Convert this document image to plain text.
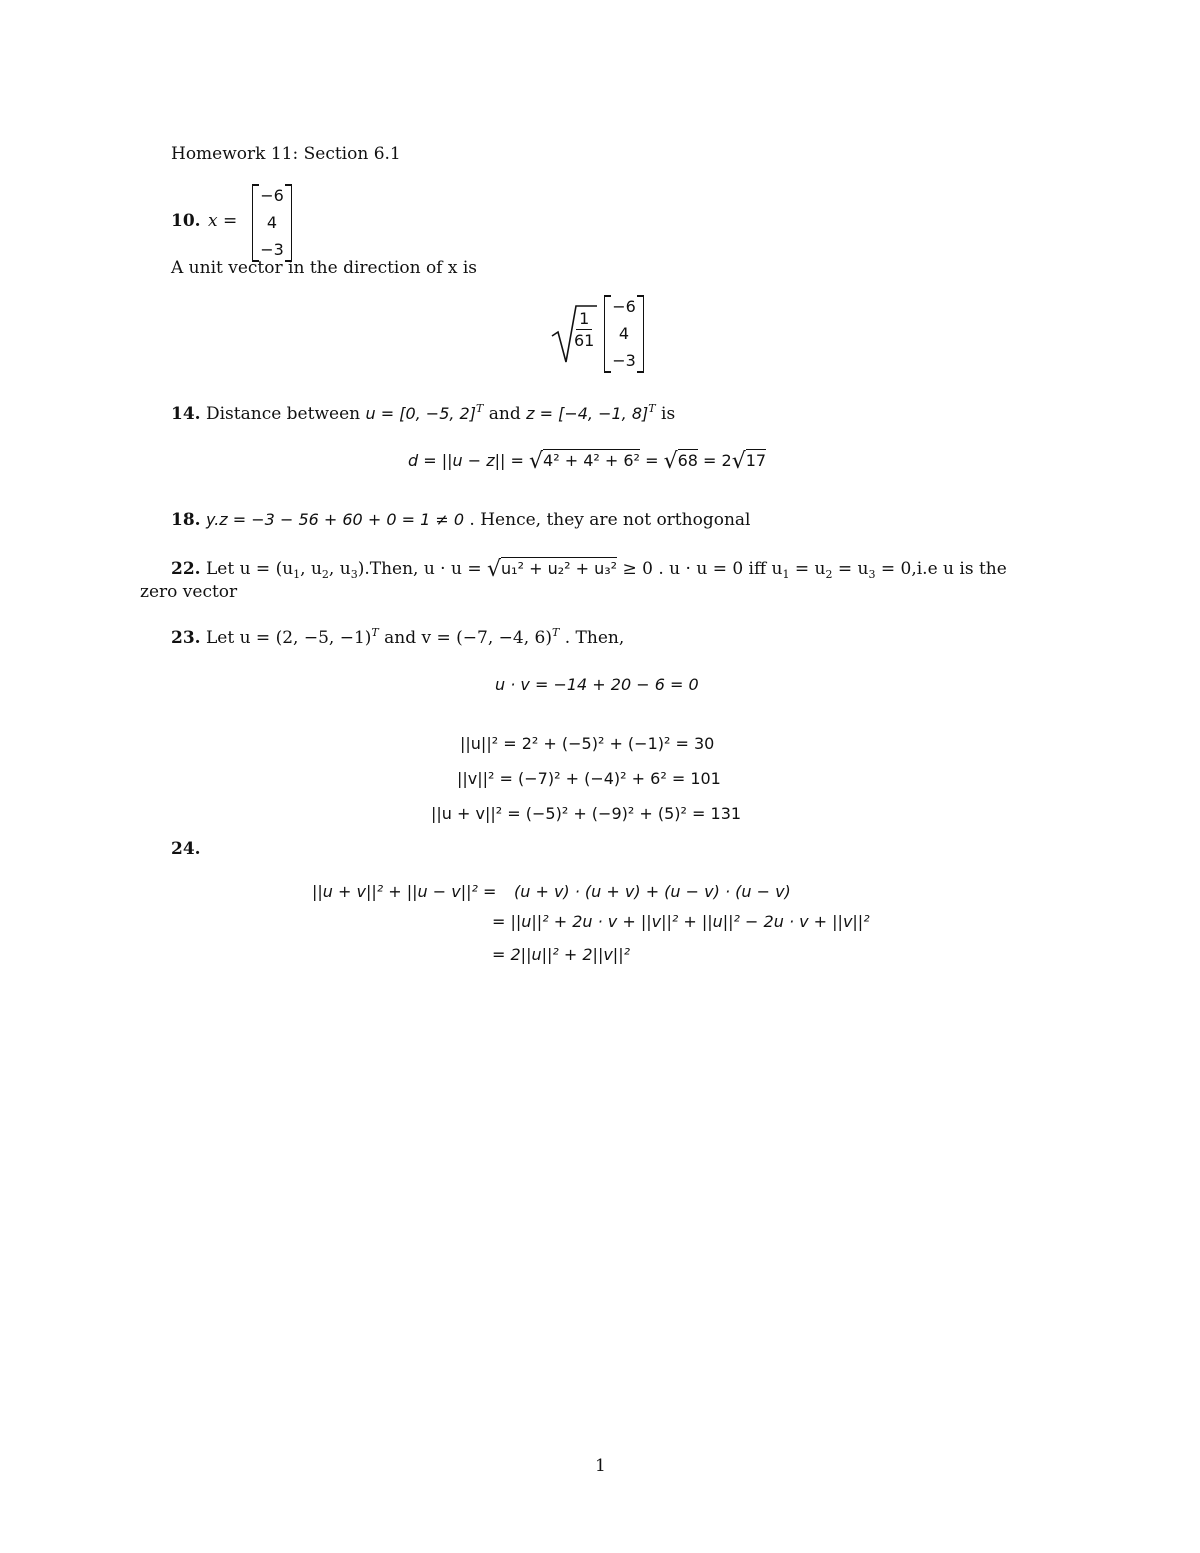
Homework 11: Section 6.1
10. x =
−6
4
−3
A unit vector in the direction of x is
$\frac{1}{61}$
−6
4
−3
14. Distance between u = [0, −5, 2]$^T$ and z = [−4, −1, 8]$^T$ is
d = ||u − z|| = √4² + 4² + 6² = √68 = 2√17
18. y.z = −3 − 56 + 60 + 0 = 1 ≠ 0 . Hence, they are not orthogonal
22. Let $u = (u_1$, $u_2$, $u_3).Then$, u · u = √u₁² + u₂² + u₃² ≥ 0 . u · u = 0 iff $u_1 = u_2 = u_3 = 0,i.e$ u is the
zero vector
23. Let u = (2, −5, −1)$^T$ and v = (−7, −4, 6)$^T$ . Then,
u · v = −14 + 20 − 6 = 0
||u||² = 2² + (−5)² + (−1)² = 30
||v||² = (−7)² + (−4)² + 6² = 101
||u + v||² = (−5)² + (−9)² + (5)² = 131
24.
||u + v||² + ||u − v||² = (u + v) · (u + v) + (u − v) · (u − v)
= ||u||² + 2u · v + ||v||² + ||u||² − 2u · v + ||v||²
= 2||u||² + 2||v||²
1
